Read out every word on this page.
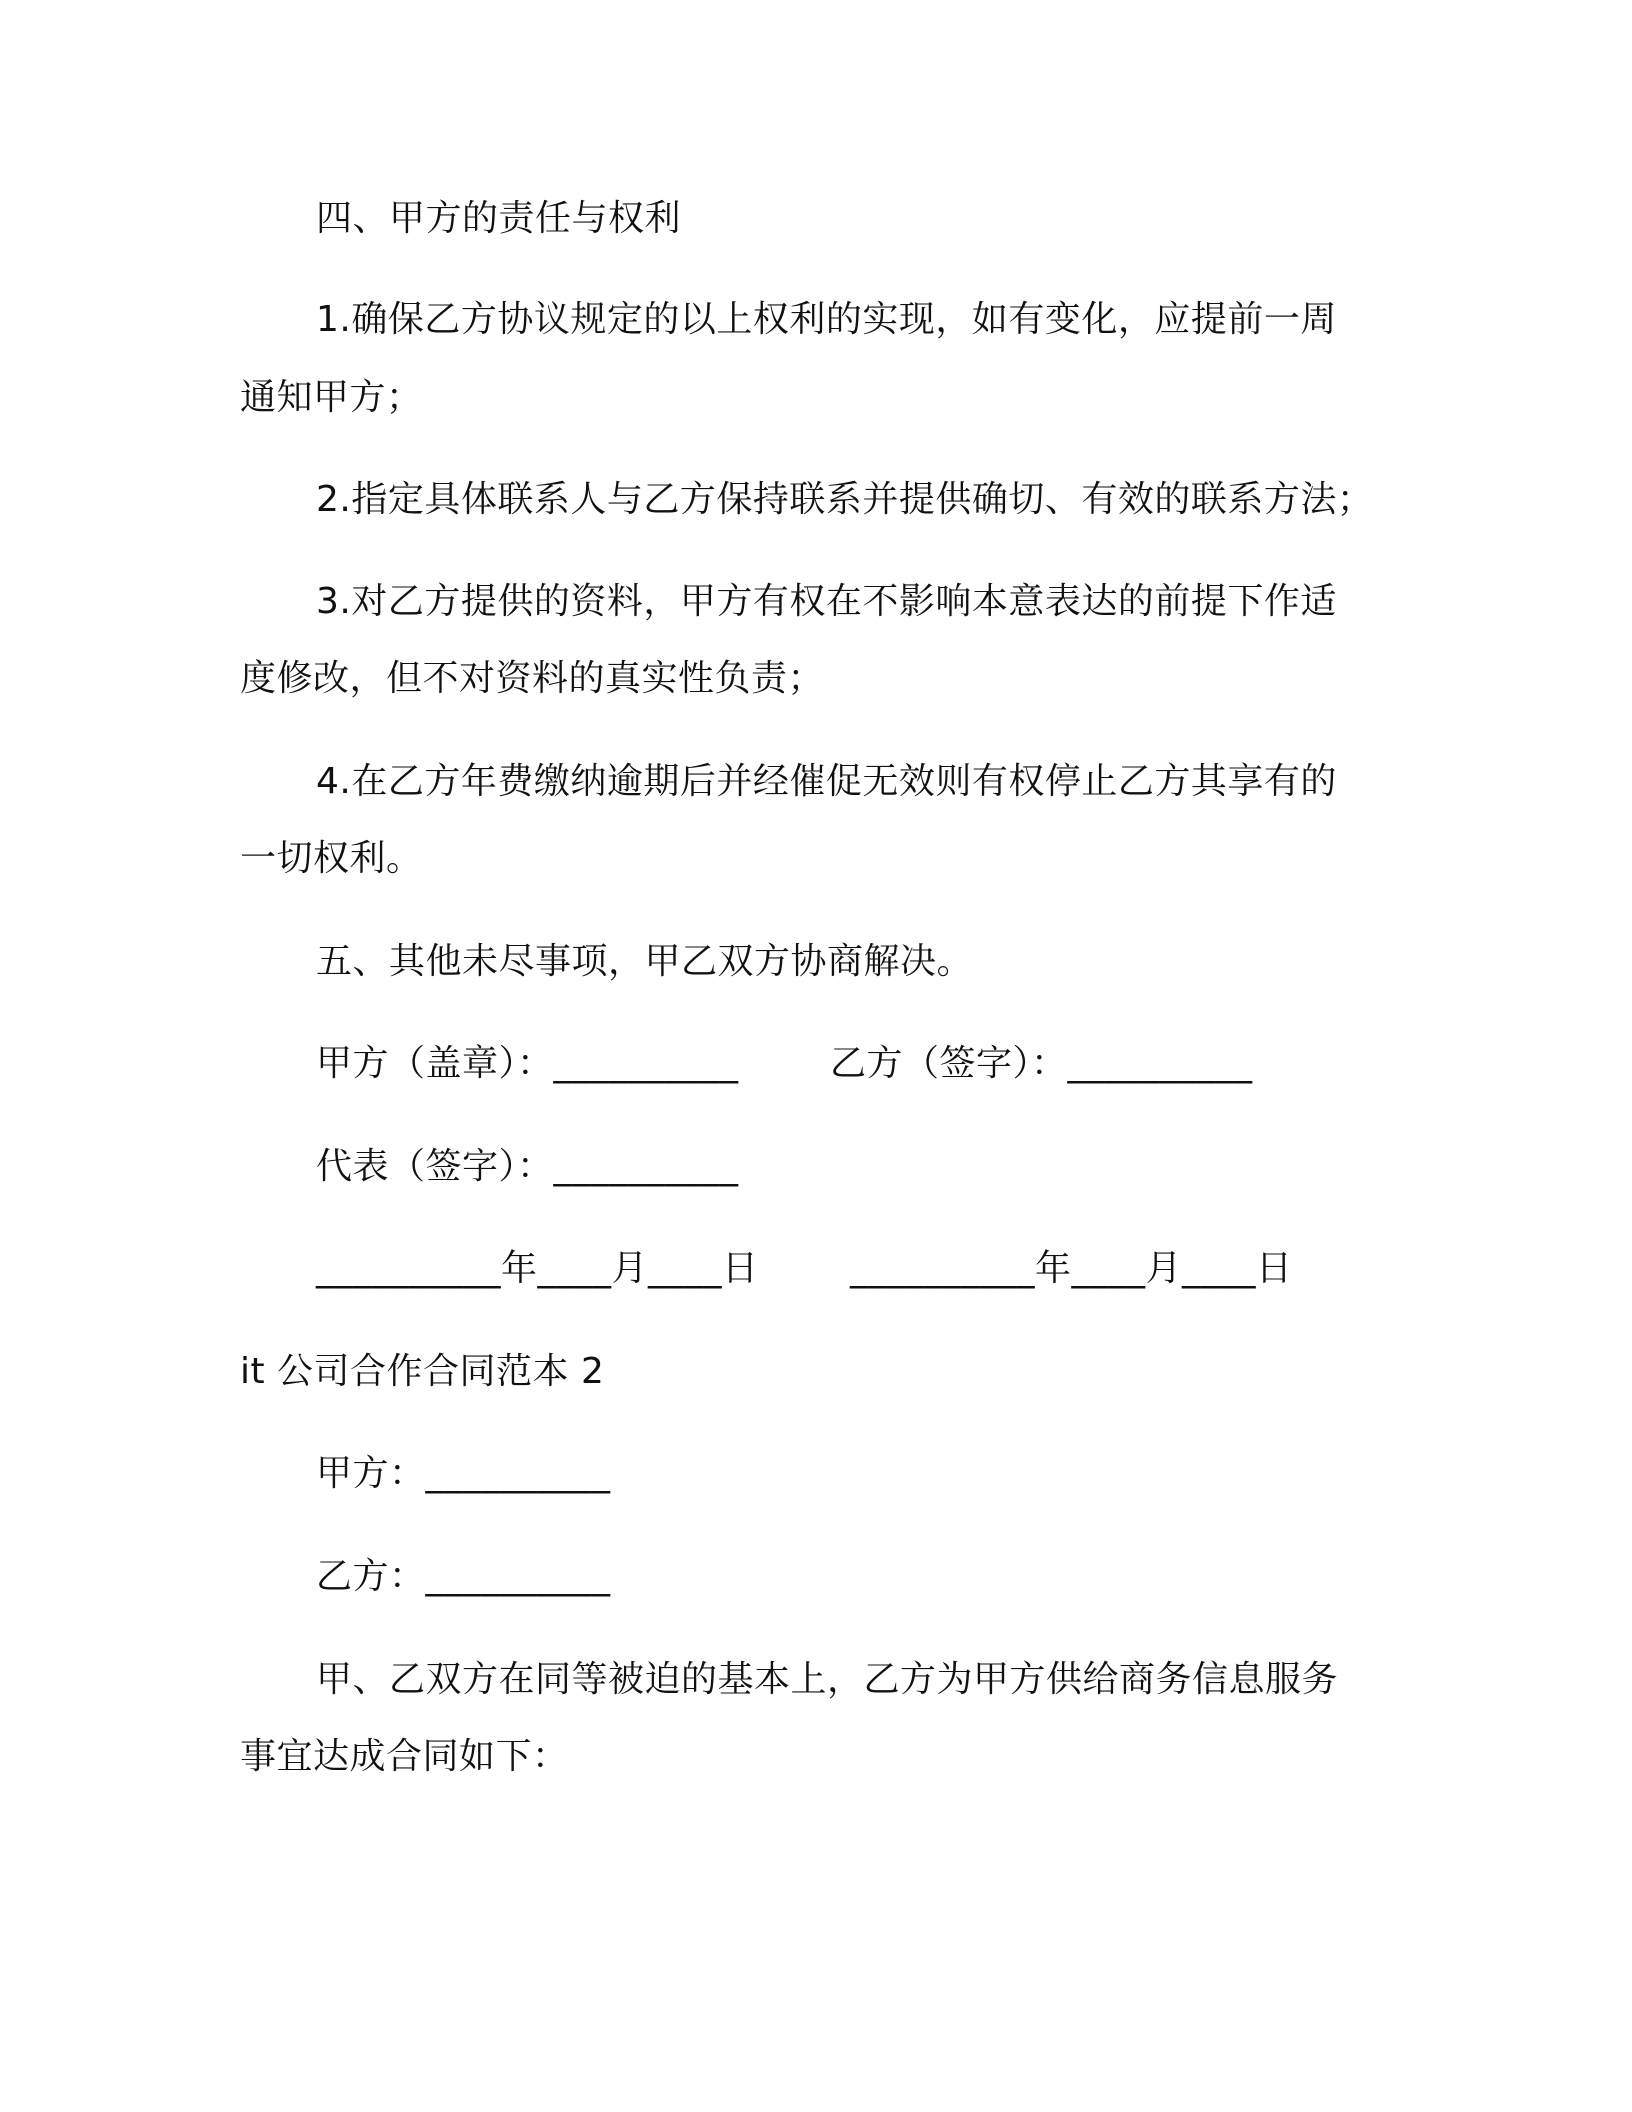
四、甲方的责任与权利
1.确保乙方协议规定的以上权利的实现，如有变化，应提前一周
通知甲方；
2.指定具体联系人与乙方保持联系并提供确切、有效的联系方法；
3.对乙方提供的资料，甲方有权在不影响本意表达的前提下作适
度修改，但不对资料的真实性负责；
4.在乙方年费缴纳逾期后并经催促无效则有权停止乙方其享有的
一切权利。
五、其他未尽事项，甲乙双方协商解决。
甲方（盖章）：__________	乙方（签字）：__________
代表（签字）：__________
__________年____月____日	__________年____月____日
it 公司合作合同范本 2
甲方：__________
乙方：__________
甲、乙双方在同等被迫的基本上，乙方为甲方供给商务信息服务
事宜达成合同如下：
